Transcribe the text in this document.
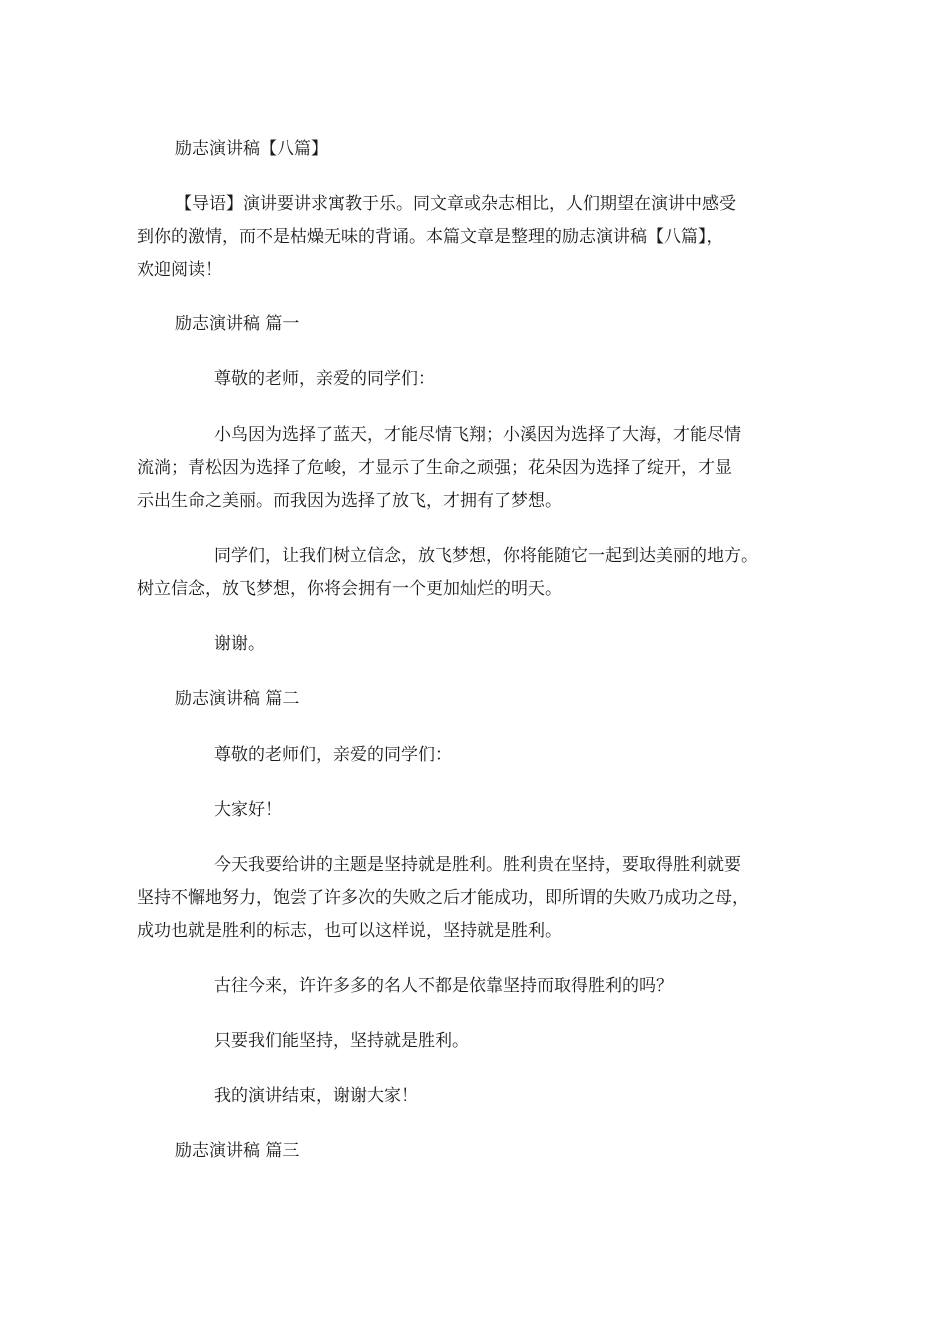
励志演讲稿【八篇】
【导语】演讲要讲求寓教于乐。同文章或杂志相比，人们期望在演讲中感受
到你的激情，而不是枯燥无味的背诵。本篇文章是整理的励志演讲稿【八篇】，
欢迎阅读！
励志演讲稿 篇一
尊敬的老师，亲爱的同学们：
小鸟因为选择了蓝天，才能尽情飞翔；小溪因为选择了大海，才能尽情
流淌；青松因为选择了危峻，才显示了生命之顽强；花朵因为选择了绽开，才显
示出生命之美丽。而我因为选择了放飞，才拥有了梦想。
同学们，让我们树立信念，放飞梦想，你将能随它一起到达美丽的地方。
树立信念，放飞梦想，你将会拥有一个更加灿烂的明天。
谢谢。
励志演讲稿 篇二
尊敬的老师们，亲爱的同学们：
大家好！
今天我要给讲的主题是坚持就是胜利。胜利贵在坚持，要取得胜利就要
坚持不懈地努力，饱尝了许多次的失败之后才能成功，即所谓的失败乃成功之母，
成功也就是胜利的标志，也可以这样说，坚持就是胜利。
古往今来，许许多多的名人不都是依靠坚持而取得胜利的吗？
只要我们能坚持，坚持就是胜利。
我的演讲结束，谢谢大家！
励志演讲稿 篇三
